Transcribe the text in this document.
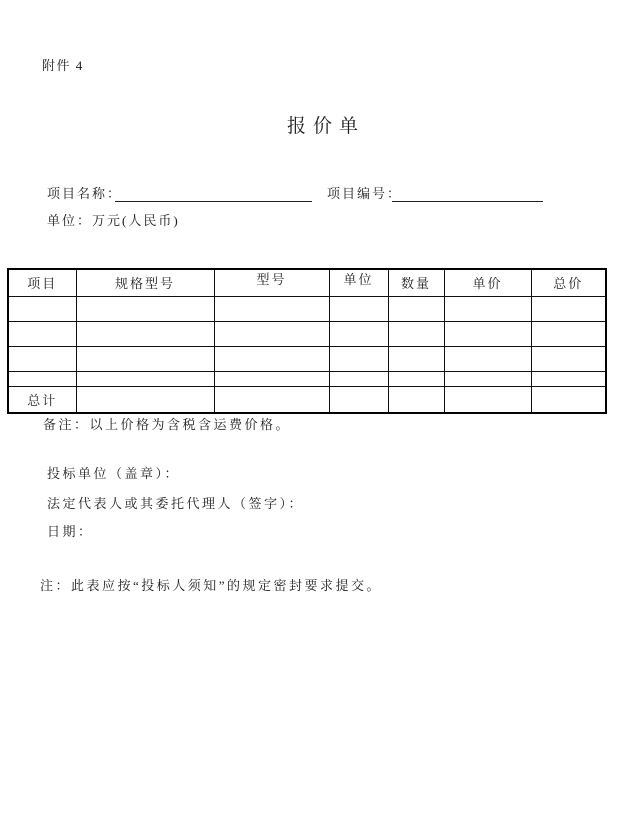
附件 4
报价单
项目名称：	项目编号：
单位：万元(人民币)
项目	规格型号	型号	单位	数量	单价	总价

总计						
备注：以上价格为含税含运费价格。
投标单位（盖章）：
法定代表人或其委托代理人（签字）：
日期：
注：此表应按“投标人须知”的规定密封要求提交。
